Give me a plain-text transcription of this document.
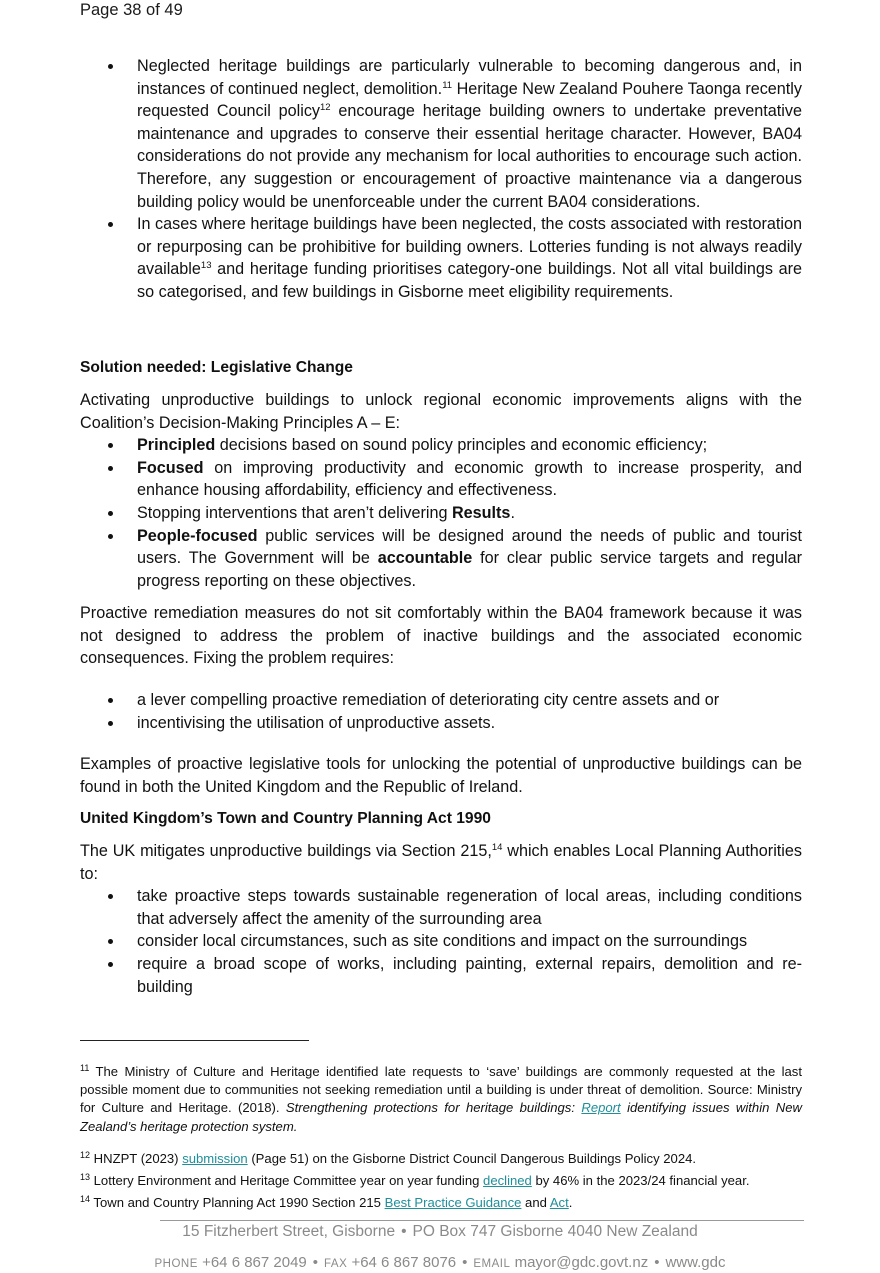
Page 38 of 49
Neglected heritage buildings are particularly vulnerable to becoming dangerous and, in instances of continued neglect, demolition.$^{11}$ Heritage New Zealand Pouhere Taonga recently requested Council policy$^{12}$ encourage heritage building owners to undertake preventative maintenance and upgrades to conserve their essential heritage character. However, BA04 considerations do not provide any mechanism for local authorities to encourage such action. Therefore, any suggestion or encouragement of proactive maintenance via a dangerous building policy would be unenforceable under the current BA04 considerations.
In cases where heritage buildings have been neglected, the costs associated with restoration or repurposing can be prohibitive for building owners. Lotteries funding is not always readily available$^{13}$ and heritage funding prioritises category-one buildings. Not all vital buildings are so categorised, and few buildings in Gisborne meet eligibility requirements.

Solution needed: Legislative Change

Activating unproductive buildings to unlock regional economic improvements aligns with the Coalition’s Decision-Making Principles A – E:

Principled decisions based on sound policy principles and economic efficiency;
Focused on improving productivity and economic growth to increase prosperity, and enhance housing affordability, efficiency and effectiveness.
Stopping interventions that aren’t delivering Results.
People-focused public services will be designed around the needs of public and tourist users. The Government will be accountable for clear public service targets and regular progress reporting on these objectives.

Proactive remediation measures do not sit comfortably within the BA04 framework because it was not designed to address the problem of inactive buildings and the associated economic consequences. Fixing the problem requires:

a lever compelling proactive remediation of deteriorating city centre assets and or
incentivising the utilisation of unproductive assets.

Examples of proactive legislative tools for unlocking the potential of unproductive buildings can be found in both the United Kingdom and the Republic of Ireland.

United Kingdom’s Town and Country Planning Act 1990

The UK mitigates unproductive buildings via Section 215,14 which enables Local Planning Authorities to:

take proactive steps towards sustainable regeneration of local areas, including conditions that adversely affect the amenity of the surrounding area
consider local circumstances, such as site conditions and impact on the surroundings
require a broad scope of works, including painting, external repairs, demolition and re-building
$^{11}$ The Ministry of Culture and Heritage identified late requests to ‘save’ buildings are commonly requested at the last possible moment due to communities not seeking remediation until a building is under threat of demolition. Source: Ministry for Culture and Heritage. (2018). Strengthening protections for heritage buildings: Report identifying issues within New Zealand’s heritage protection system.
$^{12}$ HNZPT (2023) submission (Page 51) on the Gisborne District Council Dangerous Buildings Policy 2024.
$^{13}$ Lottery Environment and Heritage Committee year on year funding declined by 46% in the 2023/24 financial year.
$^{14}$ Town and Country Planning Act 1990 Section 215 Best Practice Guidance and Act.
15 Fitzherbert Street, Gisborne • PO Box 747 Gisborne 4040 New Zealand
PHONE +64 6 867 2049 • FAX +64 6 867 8076 • EMAIL mayor@gdc.govt.nz • www.gdc
